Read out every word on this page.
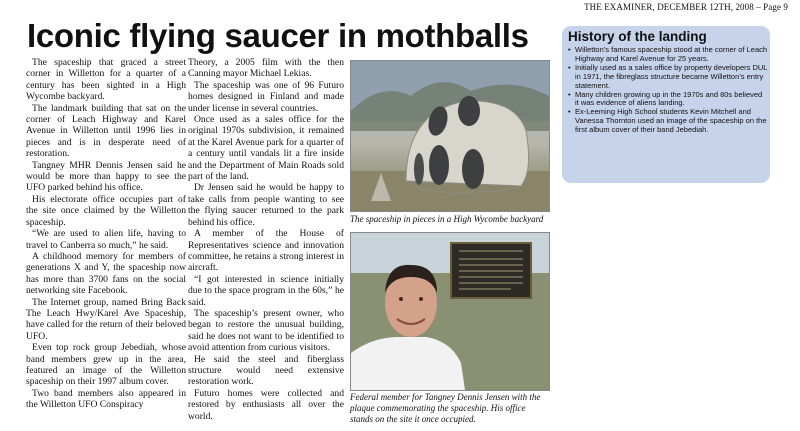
THE EXAMINER, DECEMBER 12TH, 2008 – Page 9
Iconic flying saucer in mothballs

The spaceship that graced a street corner in Willetton for a quarter of a century has been sighted in a High Wycombe backyard.

The landmark building that sat on the corner of Leach Highway and Karel Avenue in Willetton until 1996 lies in pieces and is in desperate need of restoration.

Tangney MHR Dennis Jensen said he would be more than happy to see the UFO parked behind his office.

His electorate office occupies part of the site once claimed by the Willetton spaceship.

“We are used to alien life, having to travel to Canberra so much,” he said.

A childhood memory for members of generations X and Y, the spaceship now has more than 3700 fans on the social networking site Facebook.

The Internet group, named Bring Back The Leach Hwy/Karel Ave Spaceship, have called for the return of their beloved UFO.

Even top rock group Jebediah, whose band members grew up in the area, featured an image of the Willetton spaceship on their 1997 album cover.

Two band members also appeared in the Willetton UFO Conspiracy

Theory, a 2005 film with the then Canning mayor Michael Lekias.

The spaceship was one of 96 Futuro homes designed in Finland and made under license in several countries.

Once used as a sales office for the original 1970s subdivision, it remained at the Karel Avenue park for a quarter of a century until vandals lit a fire inside and the Department of Main Roads sold part of the land.

Dr Jensen said he would be happy to take calls from people wanting to see the flying saucer returned to the park behind his office.

A member of the House of Representatives science and innovation committee, he retains a strong interest in aircraft.

“I got interested in science initially due to the space program in the 60s,” he said.

The spaceship’s present owner, who began to restore the unusual building, said he does not want to be identified to avoid attention from curious visitors.

He said the steel and fiberglass structure would need extensive restoration work.

Futuro homes were collected and restored by enthusiasts all over the world.

The spaceship in pieces in a High Wycombe backyard
Federal member for Tangney Dennis Jensen with the plaque commemorating the spaceship. His office stands on the site it once occupied.
History of the landing
• Willetton’s famous spaceship stood at the corner of Leach Highway and Karel Avenue for 25 years.
• Initially used as a sales office by property developers DUL in 1971, the fibreglass structure became Willetton’s entry statement.
• Many children growing up in the 1970s and 80s believed it was evidence of aliens landing.
• Ex-Leeming High School students Kevin Mitchell and Vanessa Thornton used an image of the spaceship on the first album cover of their band Jebediah.
